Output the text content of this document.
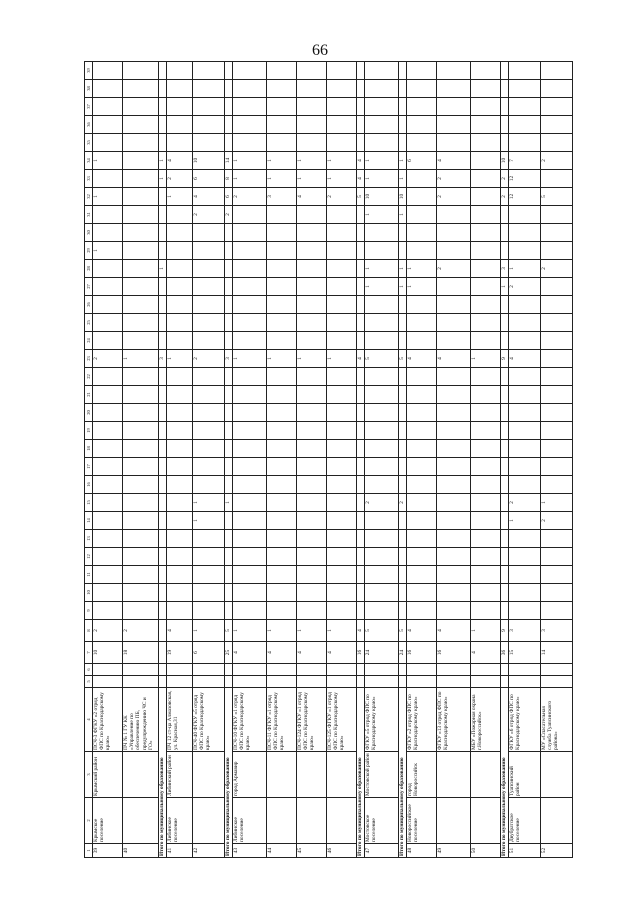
66
1	2	3	4	5	6	7	8	9	10	11	12	13	14	15	16	17	18	19	20	21	22	23	24	25	26	27	28	29	30	31	32	33	34	35	36	37	38	39
39	Крымское поселение	Крымский район	ПСЧ-3 ФГКУ «2 отряд ФПС по Краснодарскому краю»			10	2															2						1			1		1					
40			ПЧ № 1 ГУ КК «Управление по обеспечению ПБ, предупреждению ЧС и ГО»			18	2															1																
Итого по муниципальному образованию																						3					1					1	1					
41	Либинское поселение	Либинский район	ПЧ 12 ст-ца Алмазовская, ул. Красная,31			19	4															1									1	2	4					
42			ПСЧ-40 ФГКУ «5 отряд ФПС по Краснодарскому краю»			6	1						1	1								2								2	4	6	10					
Итого по муниципальному образованию						25	5							1								3								2	6	8	14					
43	Либинское поселение	город Армавир	ПСЧ-10 ФГКУ «1 отряд ФПС по Краснодарскому краю»			4	1															1									2	1	1					
44			ПСЧ-11 ФГКУ «1 отряд ФПС по Краснодарскому краю»			4	1															1									3	1	1					
45			ПСЧ-124 ФГКУ «1 отряд ФПС по Краснодарскому краю»			4	1															1									4	1	1					
46			ПСЧ-125 ФГКУ «1 отряд ФПС по Краснодарскому краю»			4	1															1									2	1	1					
Итого по муниципальному образованию						16	4															4									5	4	4					
47	Мостовское поселение	Мостовской район	ФГКУ «5 отряд ФПС по Краснодарскому краю»			24	5							2								5				1	1			1	10	1	1					
Итого по муниципальному образованию						24	5							2								5				1	1			1	10	1	1					
48	Новороссийское поселение	город Новороссийск	ФГКУ «2 отряд ФПС по Краснодарскому краю»			16	4															4				1	1						6					
49			ФГКУ «13 отряд ФПС по Краснодарскому краю»			16	4															4					2				2	2	4					
50			МБУ «Пожарная охрана г.Новороссийск»			4	1															1																
Итого по муниципальному образованию						36	9															9				1	3				2	2	10					
51	Двубратское поселение	Туапсинский район	ФГКУ «6 отряд ФПС по Краснодарскому краю»			15	3						1	2								4				2	1				12	12	7					
52			МУ «Спасательная служба Туапсинского района»			14	3						2	1													2				5		2					
